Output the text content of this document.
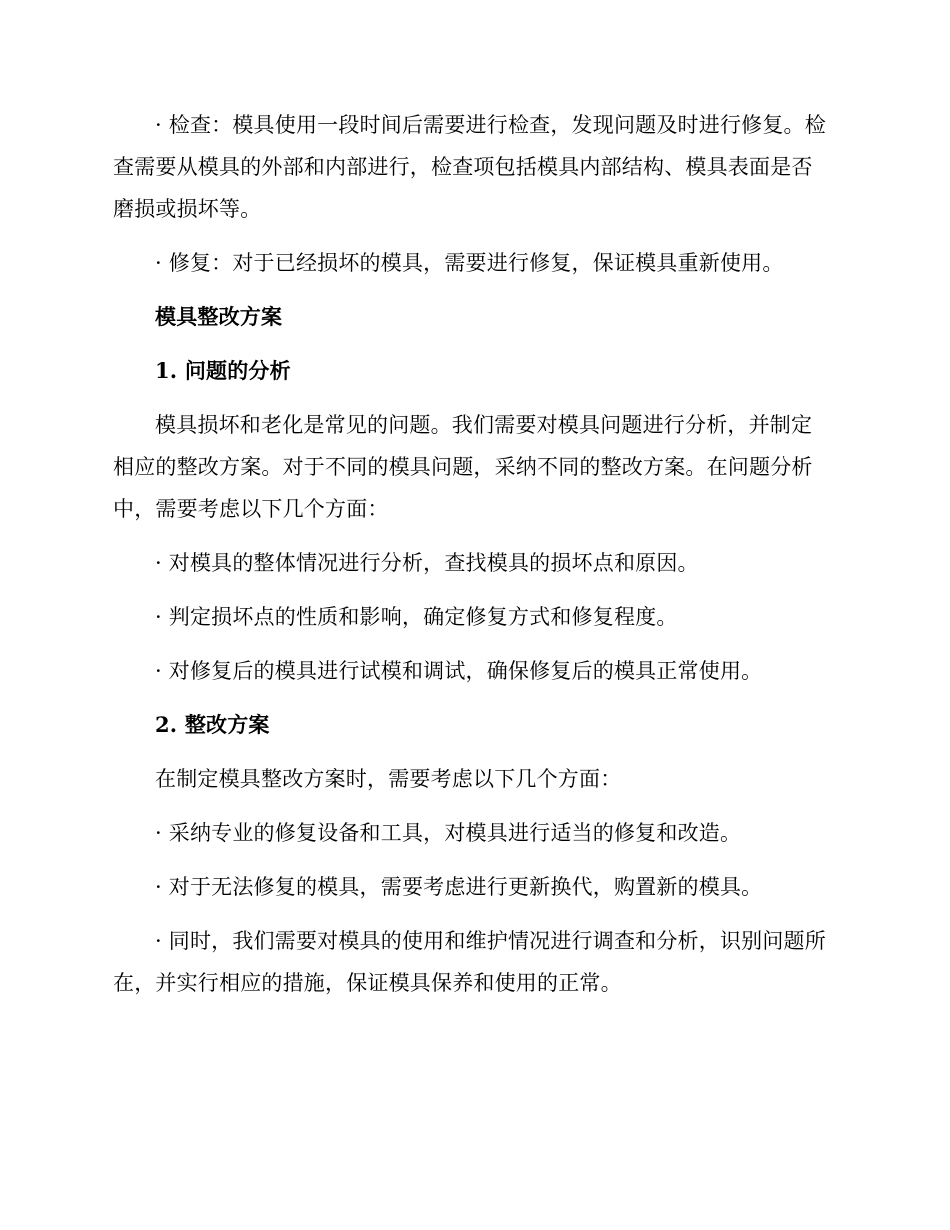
· 检查：模具使用一段时间后需要进行检查，发现问题及时进行修复。检查需要从模具的外部和内部进行，检查项包括模具内部结构、模具表面是否磨损或损坏等。

· 修复：对于已经损坏的模具，需要进行修复，保证模具重新使用。

模具整改方案

1. 问题的分析

模具损坏和老化是常见的问题。我们需要对模具问题进行分析，并制定相应的整改方案。对于不同的模具问题，采纳不同的整改方案。在问题分析中，需要考虑以下几个方面：

· 对模具的整体情况进行分析，查找模具的损坏点和原因。

· 判定损坏点的性质和影响，确定修复方式和修复程度。

· 对修复后的模具进行试模和调试，确保修复后的模具正常使用。

2. 整改方案

在制定模具整改方案时，需要考虑以下几个方面：

· 采纳专业的修复设备和工具，对模具进行适当的修复和改造。

· 对于无法修复的模具，需要考虑进行更新换代，购置新的模具。

· 同时，我们需要对模具的使用和维护情况进行调查和分析，识别问题所在，并实行相应的措施，保证模具保养和使用的正常。
